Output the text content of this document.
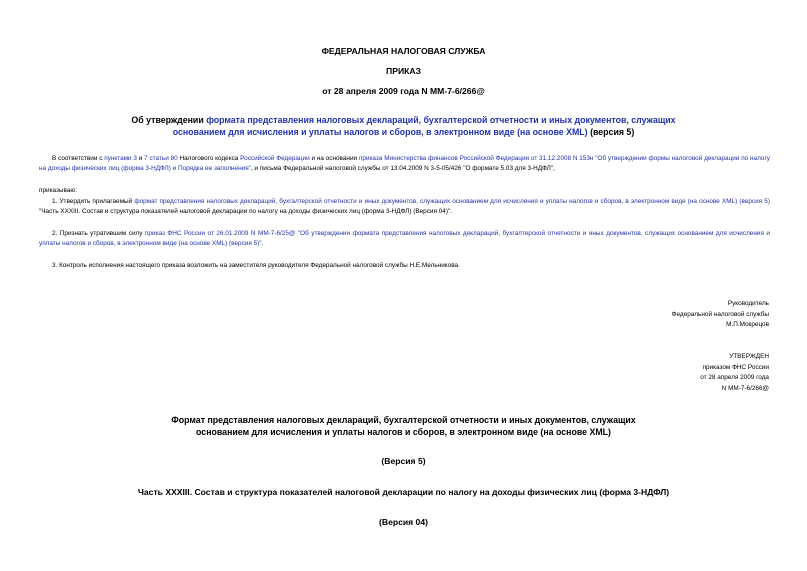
ФЕДЕРАЛЬНАЯ НАЛОГОВАЯ СЛУЖБА
ПРИКАЗ
от 28 апреля 2009 года N ММ-7-6/266@
Об утверждении формата представления налоговых деклараций, бухгалтерской отчетности и иных документов, служащих основанием для исчисления и уплаты налогов и сборов, в электронном виде (на основе XML) (версия 5)

В соответствии с пунктами 3 и 7 статьи 80 Налогового кодекса Российской Федерации и на основании приказа Министерства финансов Российской Федерации от 31.12.2008 N 153н "Об утверждении формы налоговой декларации по налогу на доходы физических лиц (форма 3-НДФЛ) и Порядка ее заполнения", и письма Федеральной налоговой службы от 13.04.2009 N 3-5-05/426 "О формате 5.03 для 3-НДФЛ",

приказываю:

1. Утвердить прилагаемый формат представления налоговых деклараций, бухгалтерской отчетности и иных документов, служащих основанием для исчисления и уплаты налогов и сборов, в электронном виде (на основе XML) (версия 5) "Часть XXXIII. Состав и структура показателей налоговой декларации по налогу на доходы физических лиц (форма 3-НДФЛ) (Версия 04)".

2. Признать утратившим силу приказ ФНС России от 26.01.2009 N ММ-7-6/25@ "Об утверждении формата представления налоговых деклараций, бухгалтерской отчетности и иных документов, служащих основанием для исчисления и уплаты налогов и сборов, в электронном виде (на основе XML) (версия 5)".

3. Контроль исполнения настоящего приказа возложить на заместителя руководителя Федеральной налоговой службы Н.Е.Мельникова.

Руководитель
Федеральной налоговой службы
М.П.Мокрецов
УТВЕРЖДЕН
приказом ФНС России
от 28 апреля 2009 года
N ММ-7-6/266@
Формат представления налоговых деклараций, бухгалтерской отчетности и иных документов, служащих основанием для исчисления и уплаты налогов и сборов, в электронном виде (на основе XML)
(Версия 5)
Часть XXXIII. Состав и структура показателей налоговой декларации по налогу на доходы физических лиц (форма 3-НДФЛ)
(Версия 04)
